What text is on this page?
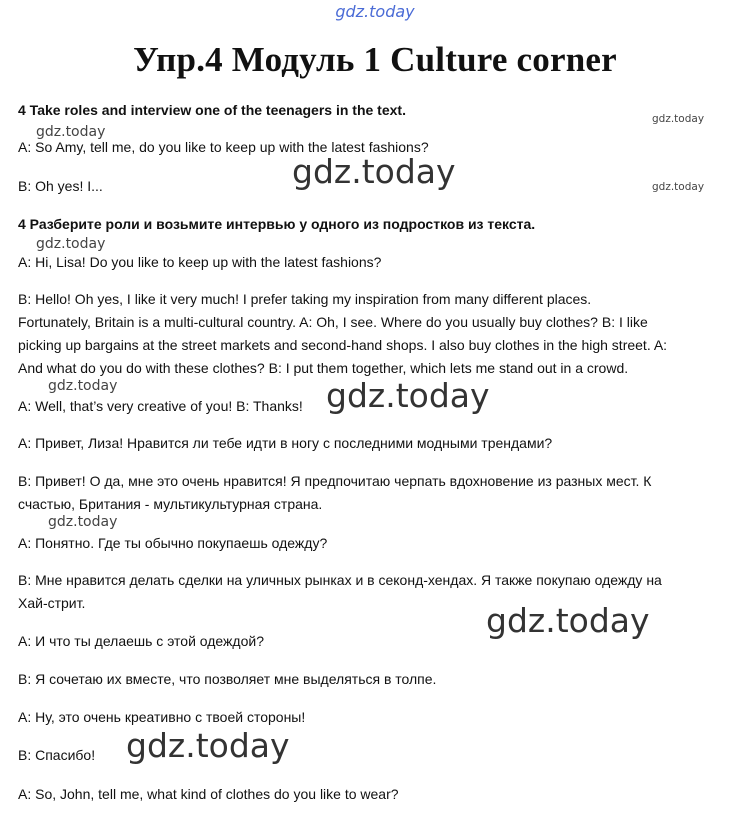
gdz.today
gdz.today
gdz.today
gdz.today	gdz.today
gdz.today
gdz.today	gdz.today
gdz.today
gdz.today
gdz.today
Упр.4 Модуль 1 Culture corner
4 Take roles and interview one of the teenagers in the text.
A: So Amy, tell me, do you like to keep up with the latest fashions?
B: Oh yes! I...
4 Разберите роли и возьмите интервью у одного из подростков из текста.
A: Hi, Lisa! Do you like to keep up with the latest fashions?
B: Hello! Oh yes, I like it very much! I prefer taking my inspiration from many different places.
Fortunately, Britain is a multi-cultural country. A: Oh, I see. Where do you usually buy clothes? B: I like
picking up bargains at the street markets and second-hand shops. I also buy clothes in the high street. A:
And what do you do with these clothes? B: I put them together, which lets me stand out in a crowd.
A: Well, that’s very creative of you! B: Thanks!
A: Привет, Лиза! Нравится ли тебе идти в ногу с последними модными трендами?
B: Привет! О да, мне это очень нравится! Я предпочитаю черпать вдохновение из разных мест. К
счастью, Британия - мультикультурная страна.
A: Понятно. Где ты обычно покупаешь одежду?
B: Мне нравится делать сделки на уличных рынках и в секонд-хендах. Я также покупаю одежду на
Хай-стрит.
A: И что ты делаешь с этой одеждой?
B: Я сочетаю их вместе, что позволяет мне выделяться в толпе.
A: Ну, это очень креативно с твоей стороны!
B: Спасибо!
A: So, John, tell me, what kind of clothes do you like to wear?
